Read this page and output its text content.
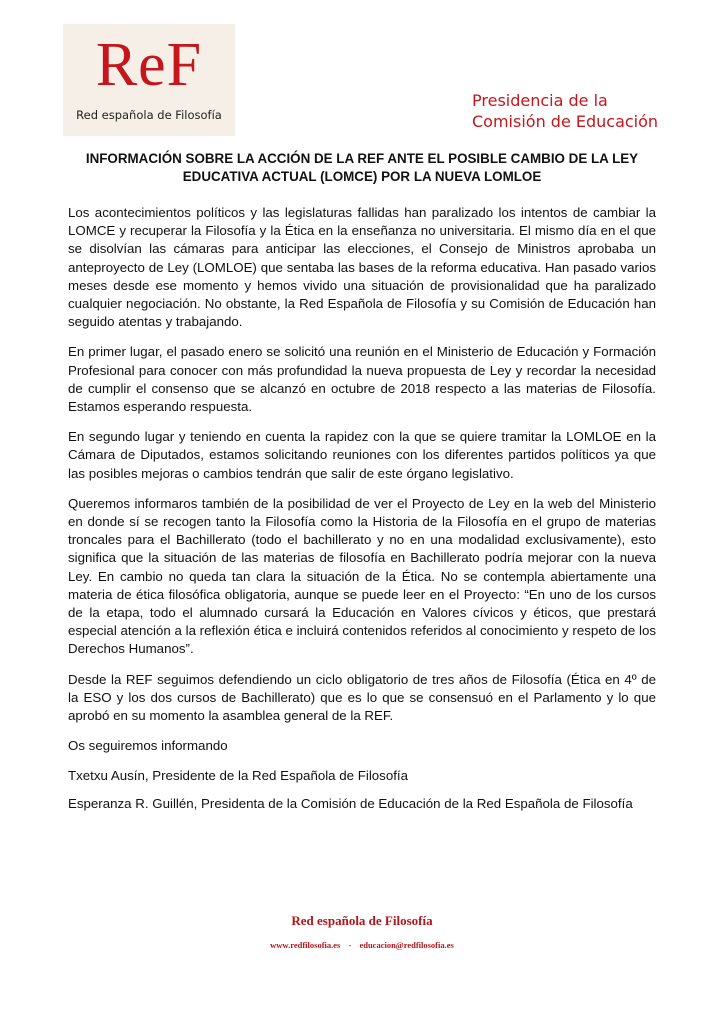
ReF
Red española de Filosofía
Presidencia de la
Comisión de Educación
INFORMACIÓN SOBRE LA ACCIÓN DE LA REF ANTE EL POSIBLE CAMBIO DE LA LEY EDUCATIVA ACTUAL (LOMCE) POR LA NUEVA LOMLOE

Los acontecimientos políticos y las legislaturas fallidas han paralizado los intentos de cambiar la LOMCE y recuperar la Filosofía y la Ética en la enseñanza no universitaria. El mismo día en el que se disolvían las cámaras para anticipar las elecciones, el Consejo de Ministros aprobaba un anteproyecto de Ley (LOMLOE) que sentaba las bases de la reforma educativa. Han pasado varios meses desde ese momento y hemos vivido una situación de provisionalidad que ha paralizado cualquier negociación. No obstante, la Red Española de Filosofía y su Comisión de Educación han seguido atentas y trabajando.

En primer lugar, el pasado enero se solicitó una reunión en el Ministerio de Educación y Formación Profesional para conocer con más profundidad la nueva propuesta de Ley y recordar la necesidad de cumplir el consenso que se alcanzó en octubre de 2018 respecto a las materias de Filosofía. Estamos esperando respuesta.

En segundo lugar y teniendo en cuenta la rapidez con la que se quiere tramitar la LOMLOE en la Cámara de Diputados, estamos solicitando reuniones con los diferentes partidos políticos ya que las posibles mejoras o cambios tendrán que salir de este órgano legislativo.

Queremos informaros también de la posibilidad de ver el Proyecto de Ley en la web del Ministerio en donde sí se recogen tanto la Filosofía como la Historia de la Filosofía en el grupo de materias troncales para el Bachillerato (todo el bachillerato y no en una modalidad exclusivamente), esto significa que la situación de las materias de filosofía en Bachillerato podría mejorar con la nueva Ley. En cambio no queda tan clara la situación de la Ética. No se contempla abiertamente una materia de ética filosófica obligatoria, aunque se puede leer en el Proyecto: “En uno de los cursos de la etapa, todo el alumnado cursará la Educación en Valores cívicos y éticos, que prestará especial atención a la reflexión ética e incluirá contenidos referidos al conocimiento y respeto de los Derechos Humanos”.

Desde la REF seguimos defendiendo un ciclo obligatorio de tres años de Filosofía (Ética en 4º de la ESO y los dos cursos de Bachillerato) que es lo que se consensuó en el Parlamento y lo que aprobó en su momento la asamblea general de la REF.

Os seguiremos informando

Txetxu Ausín, Presidente de la Red Española de Filosofía

Esperanza R. Guillén, Presidenta de la Comisión de Educación de la Red Española de Filosofía

Red española de Filosofía
www.redfilosofia.es - educacion@redfilosofia.es
